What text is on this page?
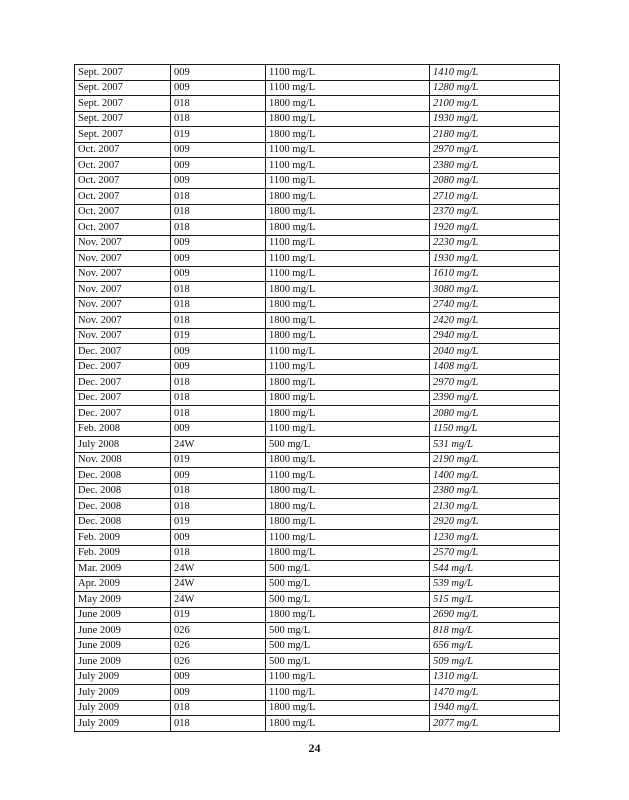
Sept. 2007	009	1100 mg/L	1410 mg/L
Sept. 2007	009	1100 mg/L	1280 mg/L
Sept. 2007	018	1800 mg/L	2100 mg/L
Sept. 2007	018	1800 mg/L	1930 mg/L
Sept. 2007	019	1800 mg/L	2180 mg/L
Oct. 2007	009	1100 mg/L	2970 mg/L
Oct. 2007	009	1100 mg/L	2380 mg/L
Oct. 2007	009	1100 mg/L	2080 mg/L
Oct. 2007	018	1800 mg/L	2710 mg/L
Oct. 2007	018	1800 mg/L	2370 mg/L
Oct. 2007	018	1800 mg/L	1920 mg/L
Nov. 2007	009	1100 mg/L	2230 mg/L
Nov. 2007	009	1100 mg/L	1930 mg/L
Nov. 2007	009	1100 mg/L	1610 mg/L
Nov. 2007	018	1800 mg/L	3080 mg/L
Nov. 2007	018	1800 mg/L	2740 mg/L
Nov. 2007	018	1800 mg/L	2420 mg/L
Nov. 2007	019	1800 mg/L	2940 mg/L
Dec. 2007	009	1100 mg/L	2040 mg/L
Dec. 2007	009	1100 mg/L	1408 mg/L
Dec. 2007	018	1800 mg/L	2970 mg/L
Dec. 2007	018	1800 mg/L	2390 mg/L
Dec. 2007	018	1800 mg/L	2080 mg/L
Feb. 2008	009	1100 mg/L	1150 mg/L
July 2008	24W	500 mg/L	531 mg/L
Nov. 2008	019	1800 mg/L	2190 mg/L
Dec. 2008	009	1100 mg/L	1400 mg/L
Dec. 2008	018	1800 mg/L	2380 mg/L
Dec. 2008	018	1800 mg/L	2130 mg/L
Dec. 2008	019	1800 mg/L	2920 mg/L
Feb. 2009	009	1100 mg/L	1230 mg/L
Feb. 2009	018	1800 mg/L	2570 mg/L
Mar. 2009	24W	500 mg/L	544 mg/L
Apr. 2009	24W	500 mg/L	539 mg/L
May 2009	24W	500 mg/L	515 mg/L
June 2009	019	1800 mg/L	2690 mg/L
June 2009	026	500 mg/L	818 mg/L
June 2009	026	500 mg/L	656 mg/L
June 2009	026	500 mg/L	509 mg/L
July 2009	009	1100 mg/L	1310 mg/L
July 2009	009	1100 mg/L	1470 mg/L
July 2009	018	1800 mg/L	1940 mg/L
July 2009	018	1800 mg/L	2077 mg/L
24
